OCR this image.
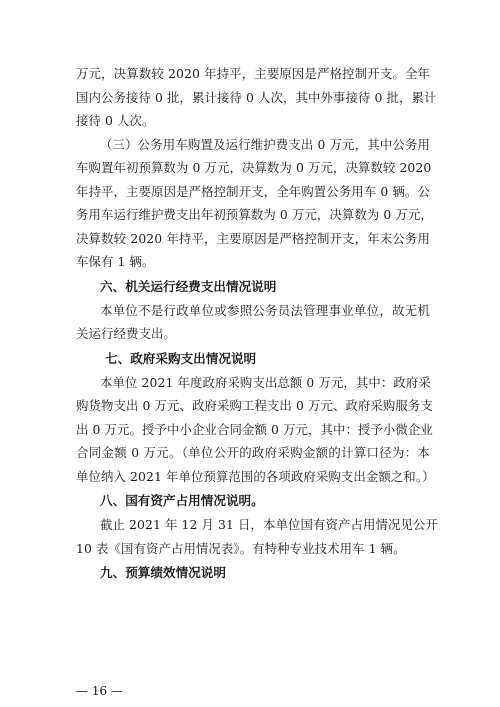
万元，决算数较 2020 年持平，主要原因是严格控制开支。全年
国内公务接待 0 批，累计接待 0 人次，其中外事接待 0 批，累计
接待 0 人次。
（三）公务用车购置及运行维护费支出 0 万元，其中公务用
车购置年初预算数为 0 万元，决算数为 0 万元，决算数较 2020
年持平，主要原因是严格控制开支，全年购置公务用车 0 辆。公
务用车运行维护费支出年初预算数为 0 万元，决算数为 0 万元，
决算数较 2020 年持平，主要原因是严格控制开支，年末公务用
车保有 1 辆。
六、机关运行经费支出情况说明
本单位不是行政单位或参照公务员法管理事业单位，故无机
关运行经费支出。
七、政府采购支出情况说明
本单位 2021 年度政府采购支出总额 0 万元，其中：政府采
购货物支出 0 万元、政府采购工程支出 0 万元、政府采购服务支
出 0 万元。授予中小企业合同金额 0 万元，其中：授予小微企业
合同金额 0 万元。（单位公开的政府采购金额的计算口径为：本
单位纳入 2021 年单位预算范围的各项政府采购支出金额之和。）
八、国有资产占用情况说明。
截止 2021 年 12 月 31 日，本单位国有资产占用情况见公开
10 表《国有资产占用情况表》。有特种专业技术用车 1 辆。
九、预算绩效情况说明
— 16 —
